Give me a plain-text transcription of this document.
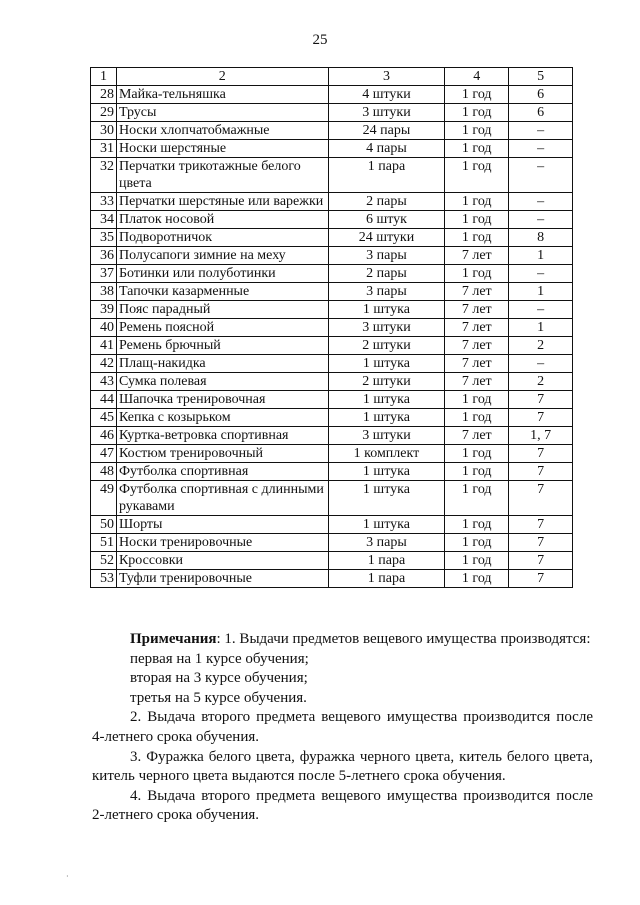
25
1	2	3	4	5
28	Майка-тельняшка	4 штуки	1 год	6
29	Трусы	3 штуки	1 год	6
30	Носки хлопчатобмажные	24 пары	1 год	–
31	Носки шерстяные	4 пары	1 год	–
32	Перчатки трикотажные белого цвета	1 пара	1 год	–
33	Перчатки шерстяные или варежки	2 пары	1 год	–
34	Платок носовой	6 штук	1 год	–
35	Подворотничок	24 штуки	1 год	8
36	Полусапоги зимние на меху	3 пары	7 лет	1
37	Ботинки или полуботинки	2 пары	1 год	–
38	Тапочки казарменные	3 пары	7 лет	1
39	Пояс парадный	1 штука	7 лет	–
40	Ремень поясной	3 штуки	7 лет	1
41	Ремень брючный	2 штуки	7 лет	2
42	Плащ-накидка	1 штука	7 лет	–
43	Сумка полевая	2 штуки	7 лет	2
44	Шапочка тренировочная	1 штука	1 год	7
45	Кепка с козырьком	1 штука	1 год	7
46	Куртка-ветровка спортивная	3 штуки	7 лет	1, 7
47	Костюм тренировочный	1 комплект	1 год	7
48	Футболка спортивная	1 штука	1 год	7
49	Футболка спортивная с длинными рукавами	1 штука	1 год	7
50	Шорты	1 штука	1 год	7
51	Носки тренировочные	3 пары	1 год	7
52	Кроссовки	1 пара	1 год	7
53	Туфли тренировочные	1 пара	1 год	7

Примечания: 1. Выдачи предметов вещевого имущества производятся:

первая на 1 курсе обучения;

вторая на 3 курсе обучения;

третья на 5 курсе обучения.

2. Выдача второго предмета вещевого имущества производится после 4-летнего срока обучения.

3. Фуражка белого цвета, фуражка черного цвета, китель белого цвета, китель черного цвета выдаются после 5-летнего срока обучения.

4. Выдача второго предмета вещевого имущества производится после 2-летнего срока обучения.

·
